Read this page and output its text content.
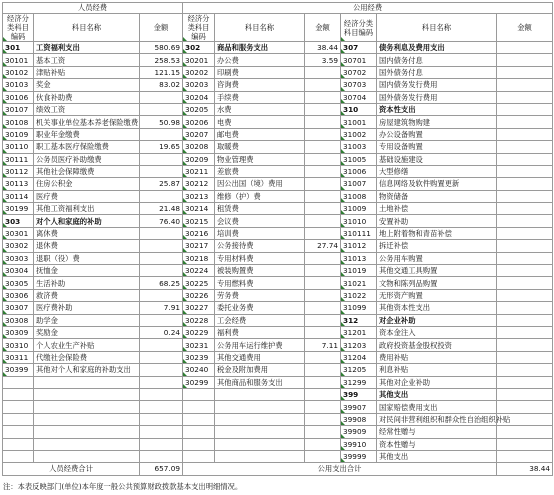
人员经费			公用经费					
经济分类科目编码	科目名称	金额	经济分类科目编码	科目名称	金额	经济分类科目编码	科目名称	金额
301	工资福利支出	580.69	302	商品和服务支出	38.44	307	债务利息及费用支出	
30101	基本工资	258.53	30201	办公费	3.59	30701	国内债务付息	
30102	津贴补贴	121.15	30202	印刷费		30702	国外债务付息	
30103	奖金	83.02	30203	咨询费		30703	国内债务发行费用	
30106	伙食补助费		30204	手续费		30704	国外债务发行费用	
30107	绩效工资		30205	水费		310	资本性支出	
30108	机关事业单位基本养老保险缴费	50.98	30206	电费		31001	房屋建筑物购建	
30109	职业年金缴费		30207	邮电费		31002	办公设备购置	
30110	职工基本医疗保险缴费	19.65	30208	取暖费		31003	专用设备购置	
30111	公务员医疗补助缴费		30209	物业管理费		31005	基础设施建设	
30112	其他社会保障缴费		30211	差旅费		31006	大型修缮	
30113	住房公积金	25.87	30212	因公出国（境）费用		31007	信息网络及软件购置更新	
30114	医疗费		30213	维修（护）费		31008	物资储备	
30199	其他工资福利支出	21.48	30214	租赁费		31009	土地补偿	
303	对个人和家庭的补助	76.40	30215	会议费		31010	安置补助	
30301	离休费		30216	培训费		310111	地上附着物和青苗补偿	
30302	退休费		30217	公务接待费	27.74	31012	拆迁补偿	
30303	退职（役）费		30218	专用材料费		31013	公务用车购置	
30304	抚恤金		30224	被装购置费		31019	其他交通工具购置	
30305	生活补助	68.25	30225	专用燃料费		31021	文物和陈列品购置	
30306	救济费		30226	劳务费		31022	无形资产购置	
30307	医疗费补助	7.91	30227	委托业务费		31099	其他资本性支出	
30308	助学金		30228	工会经费		312	对企业补助	
30309	奖励金	0.24	30229	福利费		31201	资本金注入	
30310	个人农业生产补贴		30231	公务用车运行维护费	7.11	31203	政府投资基金股权投资	
30311	代缴社会保险费		30239	其他交通费用		31204	费用补贴	
30399	其他对个人和家庭的补助支出		30240	税金及附加费用		31205	利息补贴	
			30299	其他商品和服务支出		31299	其他对企业补助	
						399	其他支出	
						39907	国家赔偿费用支出	
						39908	对民间非营利组织和群众性自治组织补贴	
						39909	经常性赠与	
						39910	资本性赠与	
						39999	其他支出	
人员经费合计		657.09	公用支出合计					38.44
注：本表反映部门(单位)本年度一般公共预算财政拨款基本支出明细情况。
